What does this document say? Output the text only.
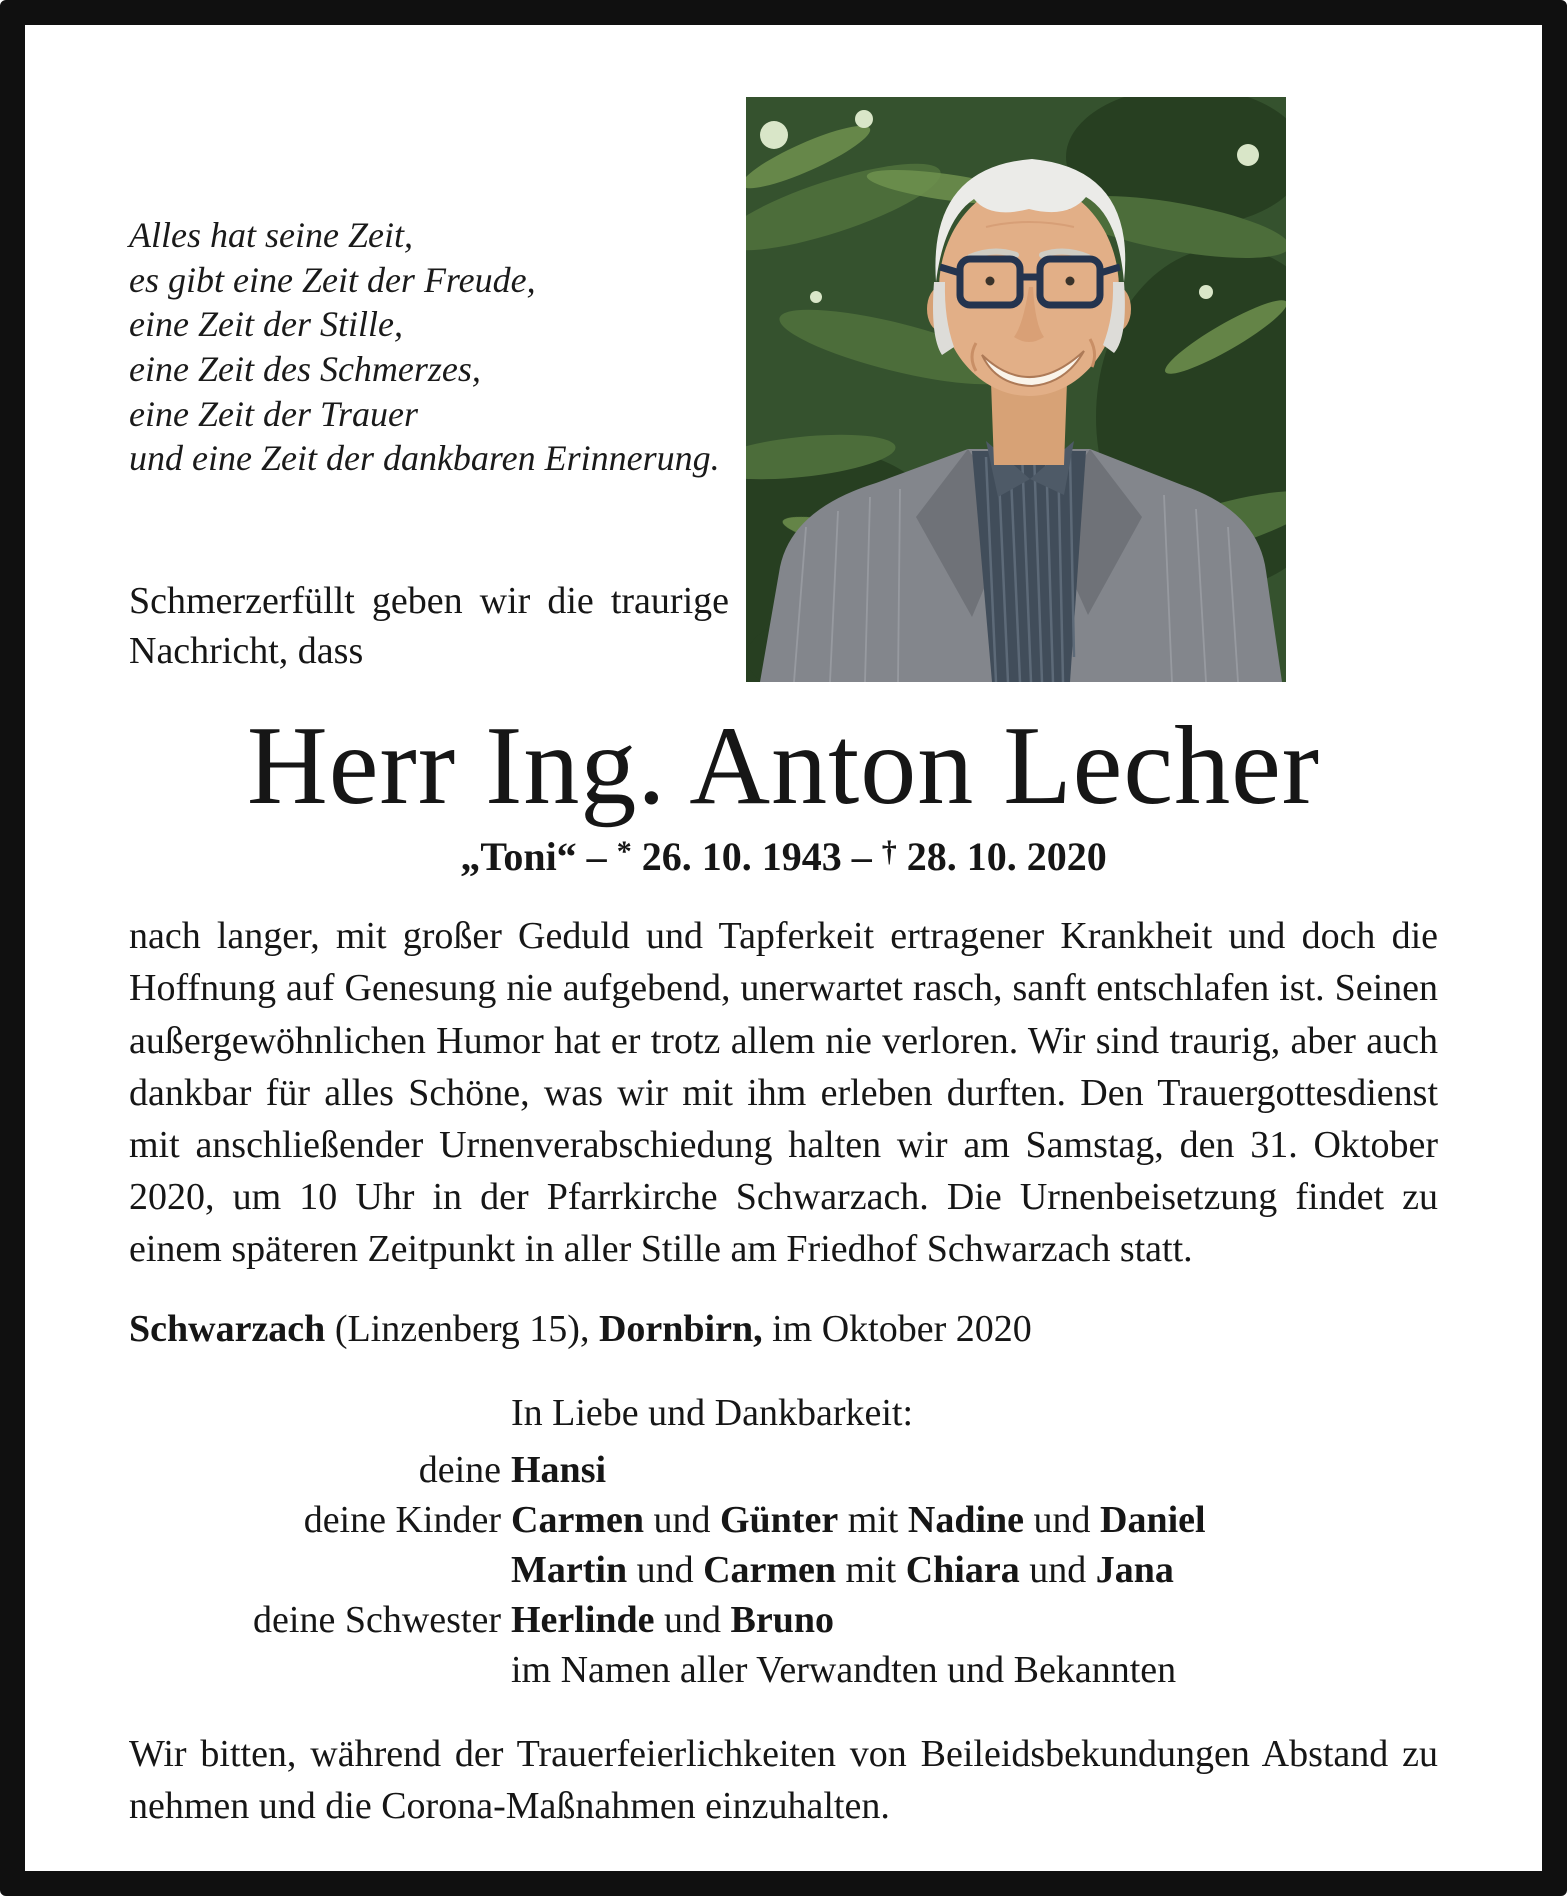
Alles hat seine Zeit,
es gibt eine Zeit der Freude,
eine Zeit der Stille,
eine Zeit des Schmerzes,
eine Zeit der Trauer
und eine Zeit der dankbaren Erinnerung.
Schmerzerfüllt geben wir die traurige Nachricht, dass
Herr Ing. Anton Lecher
„Toni“ – * 26. 10. 1943 – † 28. 10. 2020

nach langer, mit großer Geduld und Tapferkeit ertragener Krankheit und doch die Hoffnung auf Genesung nie aufgebend, unerwartet rasch, sanft entschlafen ist. Seinen außergewöhnlichen Humor hat er trotz allem nie verloren. Wir sind traurig, aber auch dankbar für alles Schöne, was wir mit ihm erleben durften. Den Trauergottesdienst mit anschließender Urnenverabschiedung halten wir am Samstag, den 31. Oktober 2020, um 10 Uhr in der Pfarrkirche Schwarzach. Die Urnenbeisetzung findet zu einem späteren Zeitpunkt in aller Stille am Friedhof Schwarzach statt.

Schwarzach (Linzenberg 15), Dornbirn, im Oktober 2020

In Liebe und Dankbarkeit:
deine Hansi
deine Kinder Carmen und Günter mit Nadine und Daniel
Martin und Carmen mit Chiara und Jana
deine Schwester Herlinde und Bruno
im Namen aller Verwandten und Bekannten

Wir bitten, während der Trauerfeierlichkeiten von Beileidsbekundungen Abstand zu nehmen und die Corona-Maßnahmen einzuhalten.
